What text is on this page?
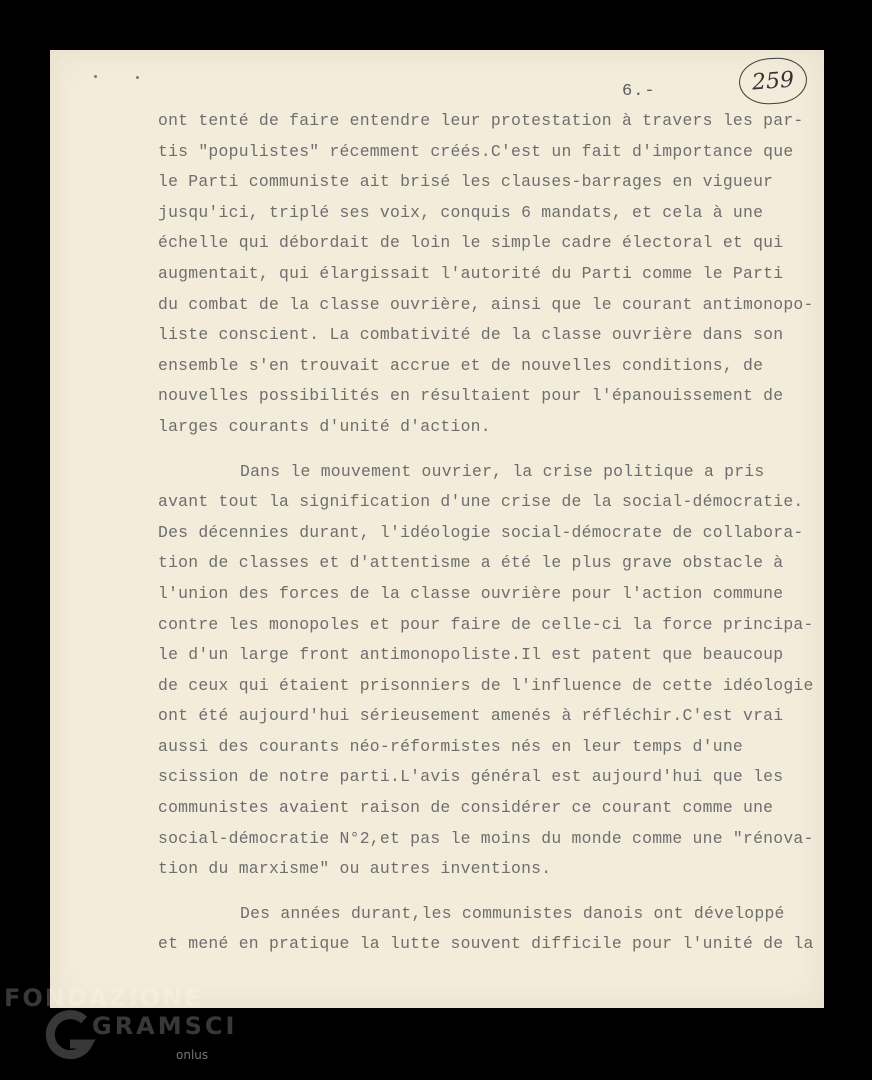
6.-	259
ont tenté de faire entendre leur protestation à travers les par-
tis "populistes" récemment créés.C'est un fait d'importance que
le Parti communiste ait brisé les clauses-barrages en vigueur
jusqu'ici, triplé ses voix, conquis 6 mandats, et cela à une
échelle qui débordait de loin le simple cadre électoral et qui
augmentait, qui élargissait l'autorité du Parti comme le Parti
du combat de la classe ouvrière, ainsi que le courant antimonopo-
liste conscient. La combativité de la classe ouvrière dans son
ensemble s'en trouvait accrue et de nouvelles conditions, de
nouvelles possibilités en résultaient pour l'épanouissement de
larges courants d'unité d'action.
Dans le mouvement ouvrier, la crise politique a pris
avant tout la signification d'une crise de la social-démocratie.
Des décennies durant, l'idéologie social-démocrate de collabora-
tion de classes et d'attentisme a été le plus grave obstacle à
l'union des forces de la classe ouvrière pour l'action commune
contre les monopoles et pour faire de celle-ci la force principa-
le d'un large front antimonopoliste.Il est patent que beaucoup
de ceux qui étaient prisonniers de l'influence de cette idéologie
ont été aujourd'hui sérieusement amenés à réfléchir.C'est vrai
aussi des courants néo-réformistes nés en leur temps d'une
scission de notre parti.L'avis général est aujourd'hui que les
communistes avaient raison de considérer ce courant comme une
social-démocratie N°2,et pas le moins du monde comme une "rénova-
tion du marxisme" ou autres inventions.
Des années durant,les communistes danois ont développé
et mené en pratique la lutte souvent difficile pour l'unité de la
FONDAZIONE
GRAMSCI
onlus
